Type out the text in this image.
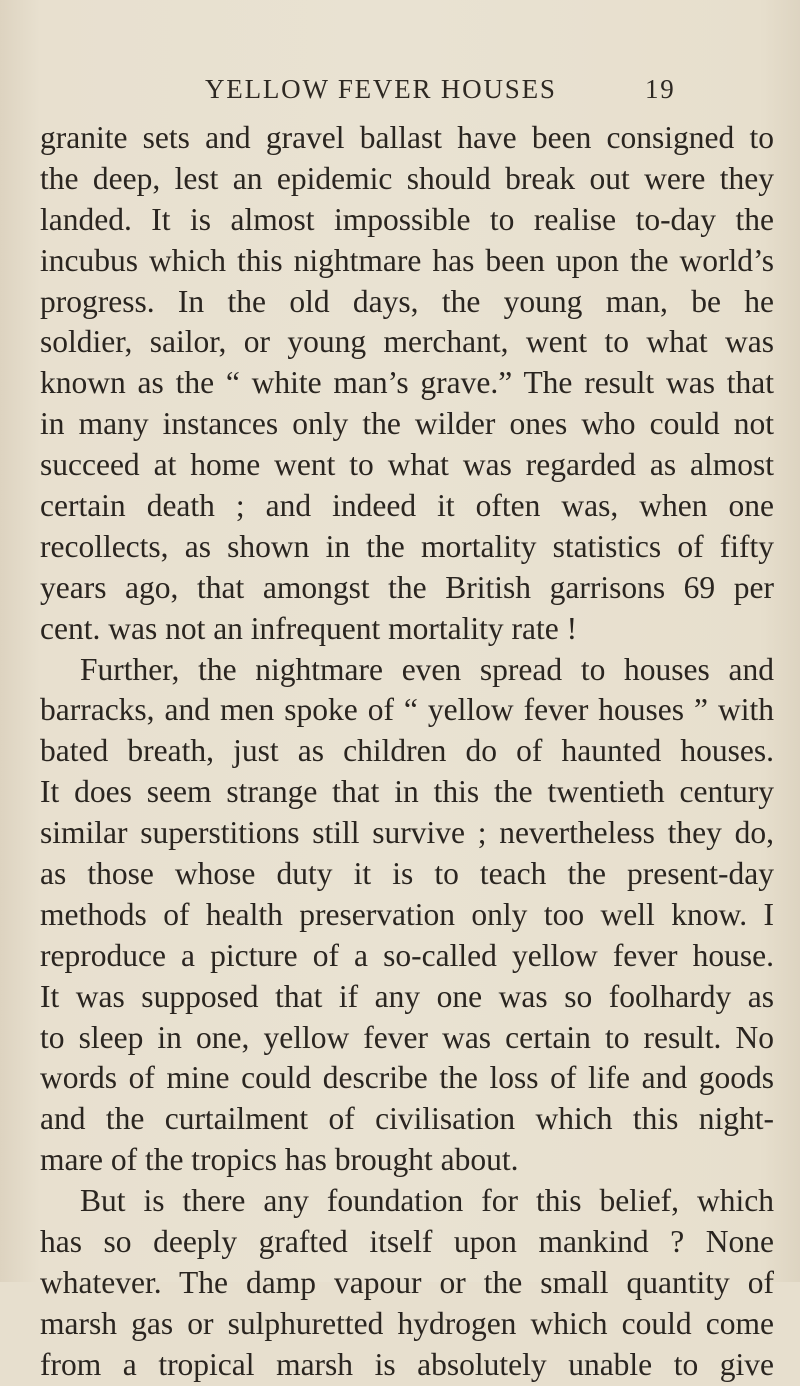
YELLOW FEVER HOUSES	19
granite sets and gravel ballast have been consigned to
the deep, lest an epidemic should break out were they
landed. It is almost impossible to realise to-day the
incubus which this nightmare has been upon the world’s
progress. In the old days, the young man, be he
soldier, sailor, or young merchant, went to what was
known as the “ white man’s grave.” The result was that
in many instances only the wilder ones who could not
succeed at home went to what was regarded as almost
certain death ; and indeed it often was, when one
recollects, as shown in the mortality statistics of fifty
years ago, that amongst the British garrisons 69 per
cent. was not an infrequent mortality rate !
Further, the nightmare even spread to houses and
barracks, and men spoke of “ yellow fever houses ” with
bated breath, just as children do of haunted houses.
It does seem strange that in this the twentieth century
similar superstitions still survive ; nevertheless they do,
as those whose duty it is to teach the present-day
methods of health preservation only too well know. I
reproduce a picture of a so-called yellow fever house.
It was supposed that if any one was so foolhardy as
to sleep in one, yellow fever was certain to result. No
words of mine could describe the loss of life and goods
and the curtailment of civilisation which this night-
mare of the tropics has brought about.
But is there any foundation for this belief, which
has so deeply grafted itself upon mankind ? None
whatever. The damp vapour or the small quantity of
marsh gas or sulphuretted hydrogen which could come
from a tropical marsh is absolutely unable to give
